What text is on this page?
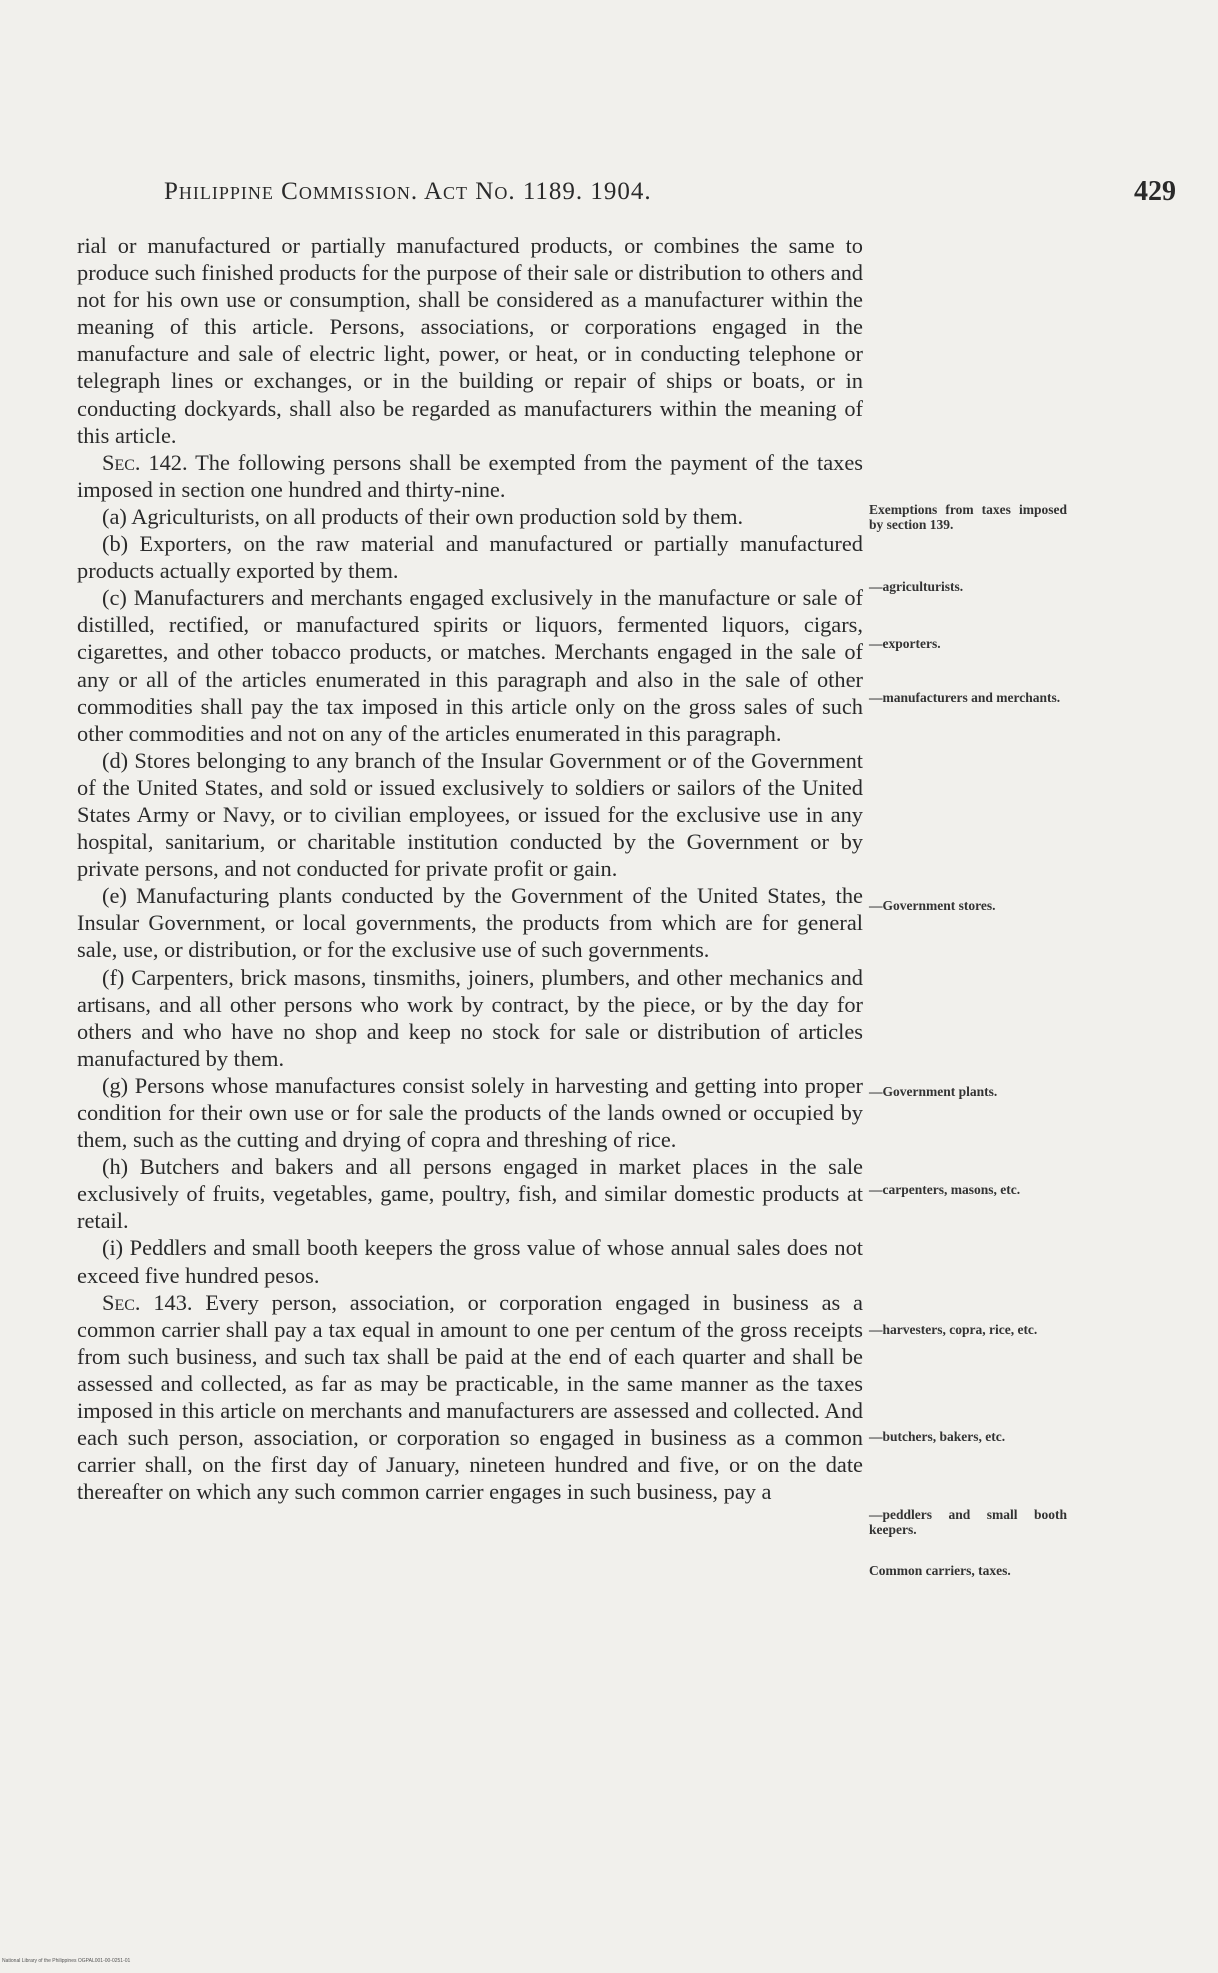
Philippine Commission. Act No. 1189. 1904.	429

rial or manufactured or partially manufactured products, or combines the same to produce such finished products for the purpose of their sale or distribution to others and not for his own use or consumption, shall be considered as a manufacturer within the meaning of this article. Persons, associations, or corporations engaged in the manufacture and sale of electric light, power, or heat, or in conducting telephone or telegraph lines or exchanges, or in the building or repair of ships or boats, or in conducting dockyards, shall also be regarded as manufacturers within the meaning of this article.

Sec. 142. The following persons shall be exempted from the payment of the taxes imposed in section one hundred and thirty-nine.

(a) Agriculturists, on all products of their own production sold by them.

(b) Exporters, on the raw material and manufactured or partially manufactured products actually exported by them.

(c) Manufacturers and merchants engaged exclusively in the manufacture or sale of distilled, rectified, or manufactured spirits or liquors, fermented liquors, cigars, cigarettes, and other tobacco products, or matches. Merchants engaged in the sale of any or all of the articles enumerated in this paragraph and also in the sale of other commodities shall pay the tax imposed in this article only on the gross sales of such other commodities and not on any of the articles enumerated in this paragraph.

(d) Stores belonging to any branch of the Insular Government or of the Government of the United States, and sold or issued exclusively to soldiers or sailors of the United States Army or Navy, or to civilian employees, or issued for the exclusive use in any hospital, sanitarium, or charitable institution conducted by the Government or by private persons, and not conducted for private profit or gain.

(e) Manufacturing plants conducted by the Government of the United States, the Insular Government, or local governments, the products from which are for general sale, use, or distribution, or for the exclusive use of such governments.

(f) Carpenters, brick masons, tinsmiths, joiners, plumbers, and other mechanics and artisans, and all other persons who work by contract, by the piece, or by the day for others and who have no shop and keep no stock for sale or distribution of articles manufactured by them.

(g) Persons whose manufactures consist solely in harvesting and getting into proper condition for their own use or for sale the products of the lands owned or occupied by them, such as the cutting and drying of copra and threshing of rice.

(h) Butchers and bakers and all persons engaged in market places in the sale exclusively of fruits, vegetables, game, poultry, fish, and similar domestic products at retail.

(i) Peddlers and small booth keepers the gross value of whose annual sales does not exceed five hundred pesos.

Sec. 143. Every person, association, or corporation engaged in business as a common carrier shall pay a tax equal in amount to one per centum of the gross receipts from such business, and such tax shall be paid at the end of each quarter and shall be assessed and collected, as far as may be practicable, in the same manner as the taxes imposed in this article on merchants and manufacturers are assessed and collected. And each such person, association, or corporation so engaged in business as a common carrier shall, on the first day of January, nineteen hundred and five, or on the date thereafter on which any such common carrier engages in such business, pay a

Exemptions from taxes imposed by section 139.
—agriculturists.
—exporters.
—manufacturers and merchants.
—Government stores.
—Government plants.
—carpenters, masons, etc.
—harvesters, copra, rice, etc.
—butchers, bakers, etc.
—peddlers and small booth keepers.
Common carriers, taxes.
National Library of the Philippines OGPAL001-00-0251-01
